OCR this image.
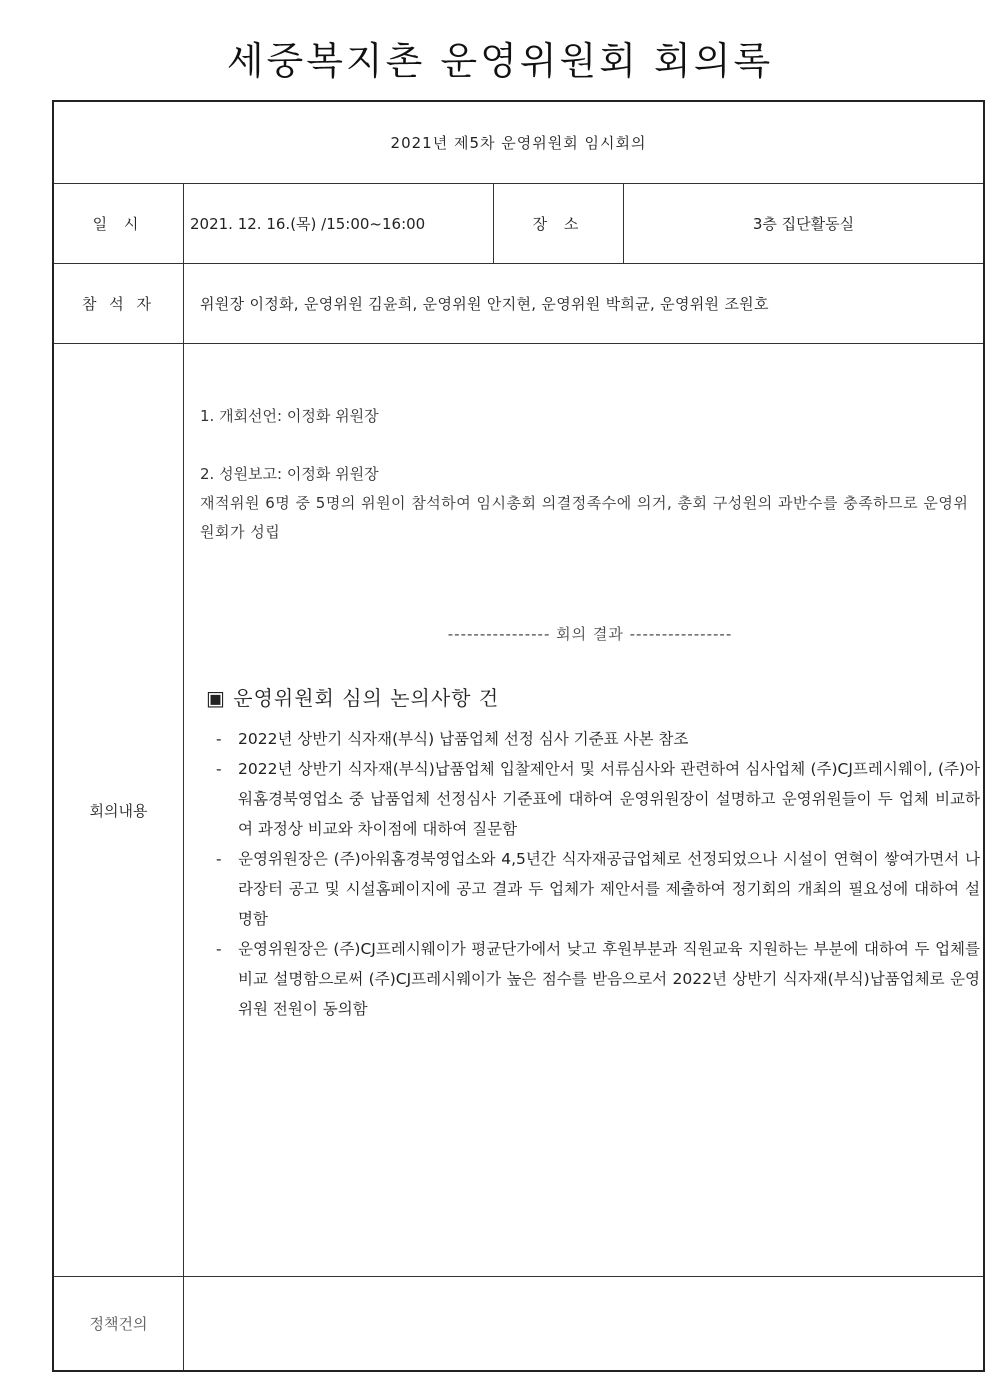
세중복지촌 운영위원회 회의록
2021년 제5차 운영위원회 임시회의
일 시	2021. 12. 16.(목) /15:00~16:00	장 소	3층 집단활동실
참 석 자	위원장 이정화, 운영위원 김윤희, 운영위원 안지현, 운영위원 박희균, 운영위원 조원호
회의내용

1. 개회선언: 이정화 위원장

2. 성원보고: 이정화 위원장

재적위원 6명 중 5명의 위원이 참석하여 임시총회 의결정족수에 의거, 총회 구성원의 과반수를 충족하므로 운영위원회가 성립

---------------- 회의 결과 ----------------
▣ 운영위원회 심의 논의사항 건
- 2022년 상반기 식자재(부식) 납품업체 선정 심사 기준표 사본 참조
- 2022년 상반기 식자재(부식)납품업체 입찰제안서 및 서류심사와 관련하여 심사업체 (주)CJ프레시웨이, (주)아워홈경북영업소 중 납품업체 선정심사 기준표에 대하여 운영위원장이 설명하고 운영위원들이 두 업체 비교하여 과정상 비교와 차이점에 대하여 질문함
- 운영위원장은 (주)아워홈경북영업소와 4,5년간 식자재공급업체로 선정되었으나 시설이 연혁이 쌓여가면서 나라장터 공고 및 시설홈페이지에 공고 결과 두 업체가 제안서를 제출하여 정기회의 개최의 필요성에 대하여 설명함
- 운영위원장은 (주)CJ프레시웨이가 평균단가에서 낮고 후원부분과 직원교육 지원하는 부분에 대하여 두 업체를 비교 설명함으로써 (주)CJ프레시웨이가 높은 점수를 받음으로서 2022년 상반기 식자재(부식)납품업체로 운영위원 전원이 동의함
정책건의
